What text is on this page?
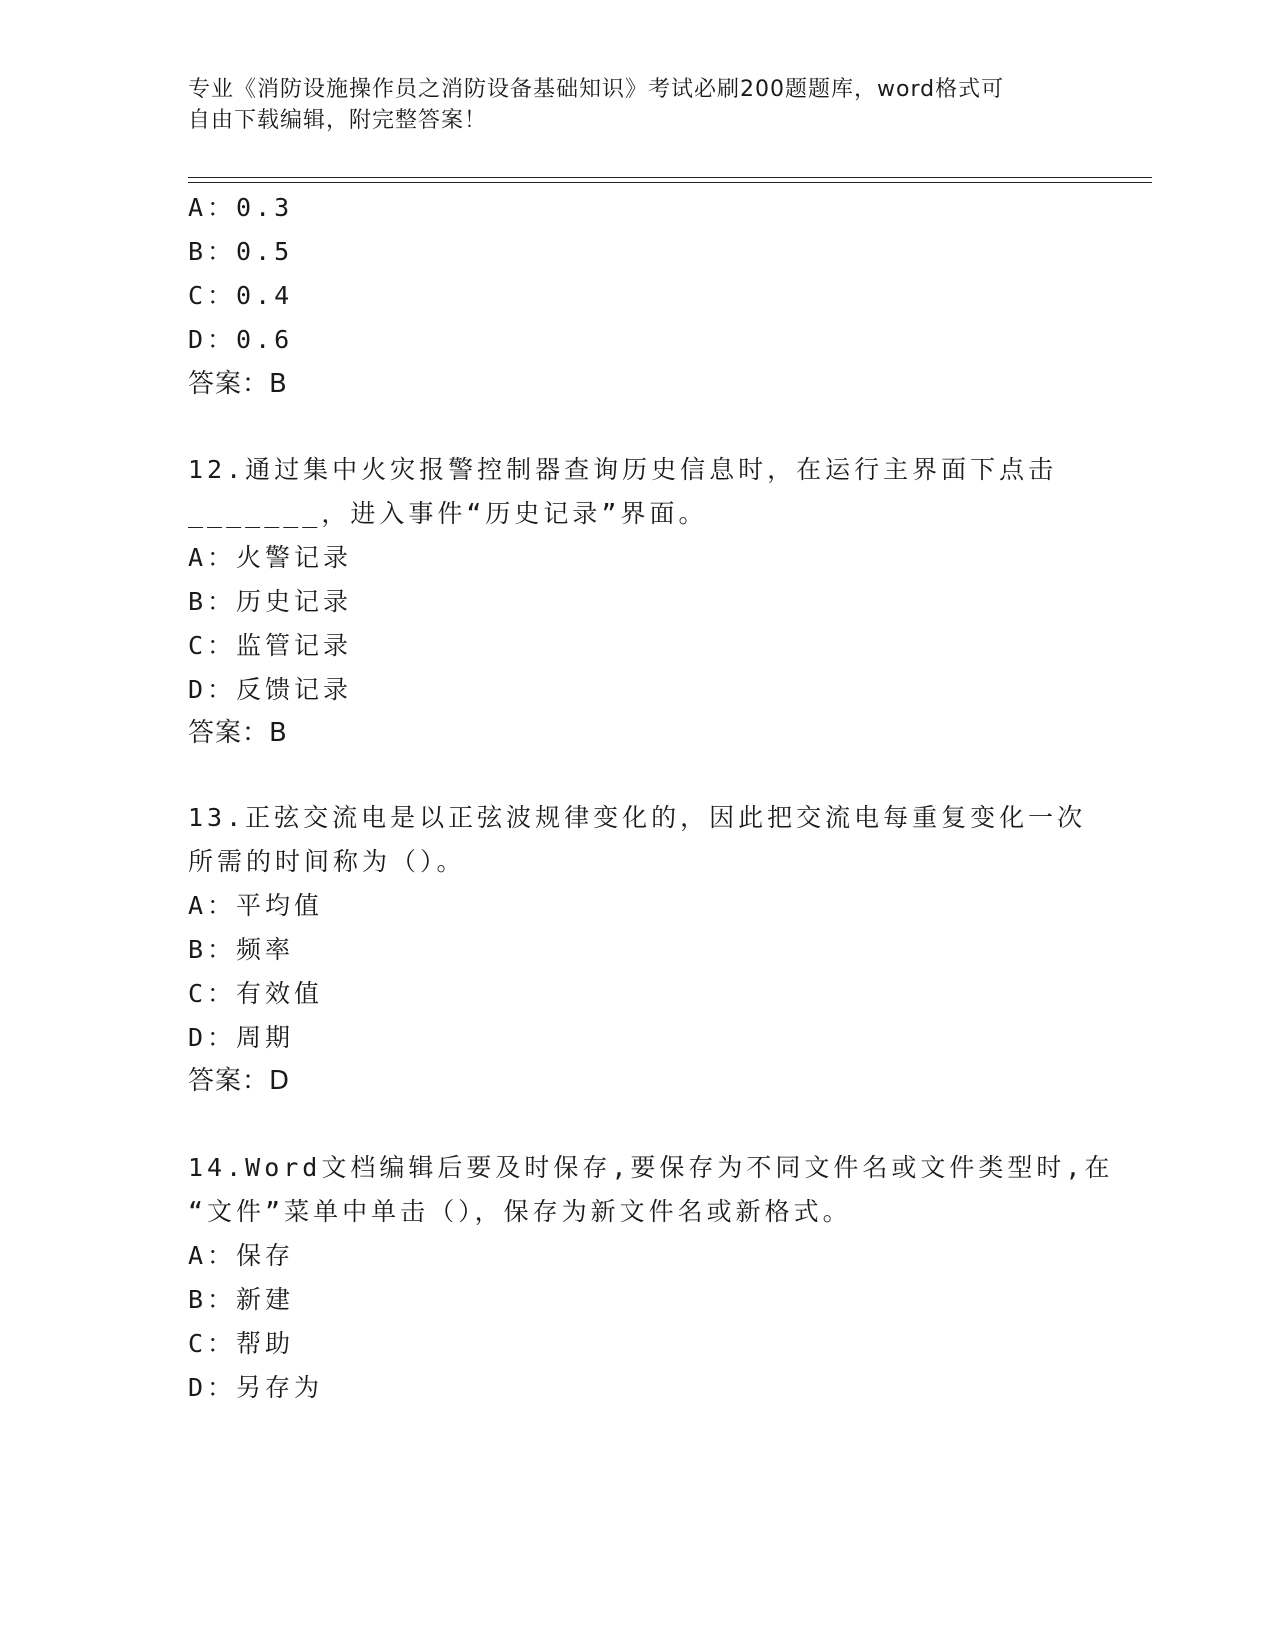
专业《消防设施操作员之消防设备基础知识》考试必刷200题题库，word格式可
自由下载编辑，附完整答案！
A：0.3
B：0.5
C：0.4
D：0.6
答案：B
12.通过集中火灾报警控制器查询历史信息时，在运行主界面下点击
_______，进入事件“历史记录”界面。
A：火警记录
B：历史记录
C：监管记录
D：反馈记录
答案：B
13.正弦交流电是以正弦波规律变化的，因此把交流电每重复变化一次
所需的时间称为（）。
A：平均值
B：频率
C：有效值
D：周期
答案：D
14.Word文档编辑后要及时保存,要保存为不同文件名或文件类型时,在
“文件”菜单中单击（），保存为新文件名或新格式。
A：保存
B：新建
C：帮助
D：另存为
